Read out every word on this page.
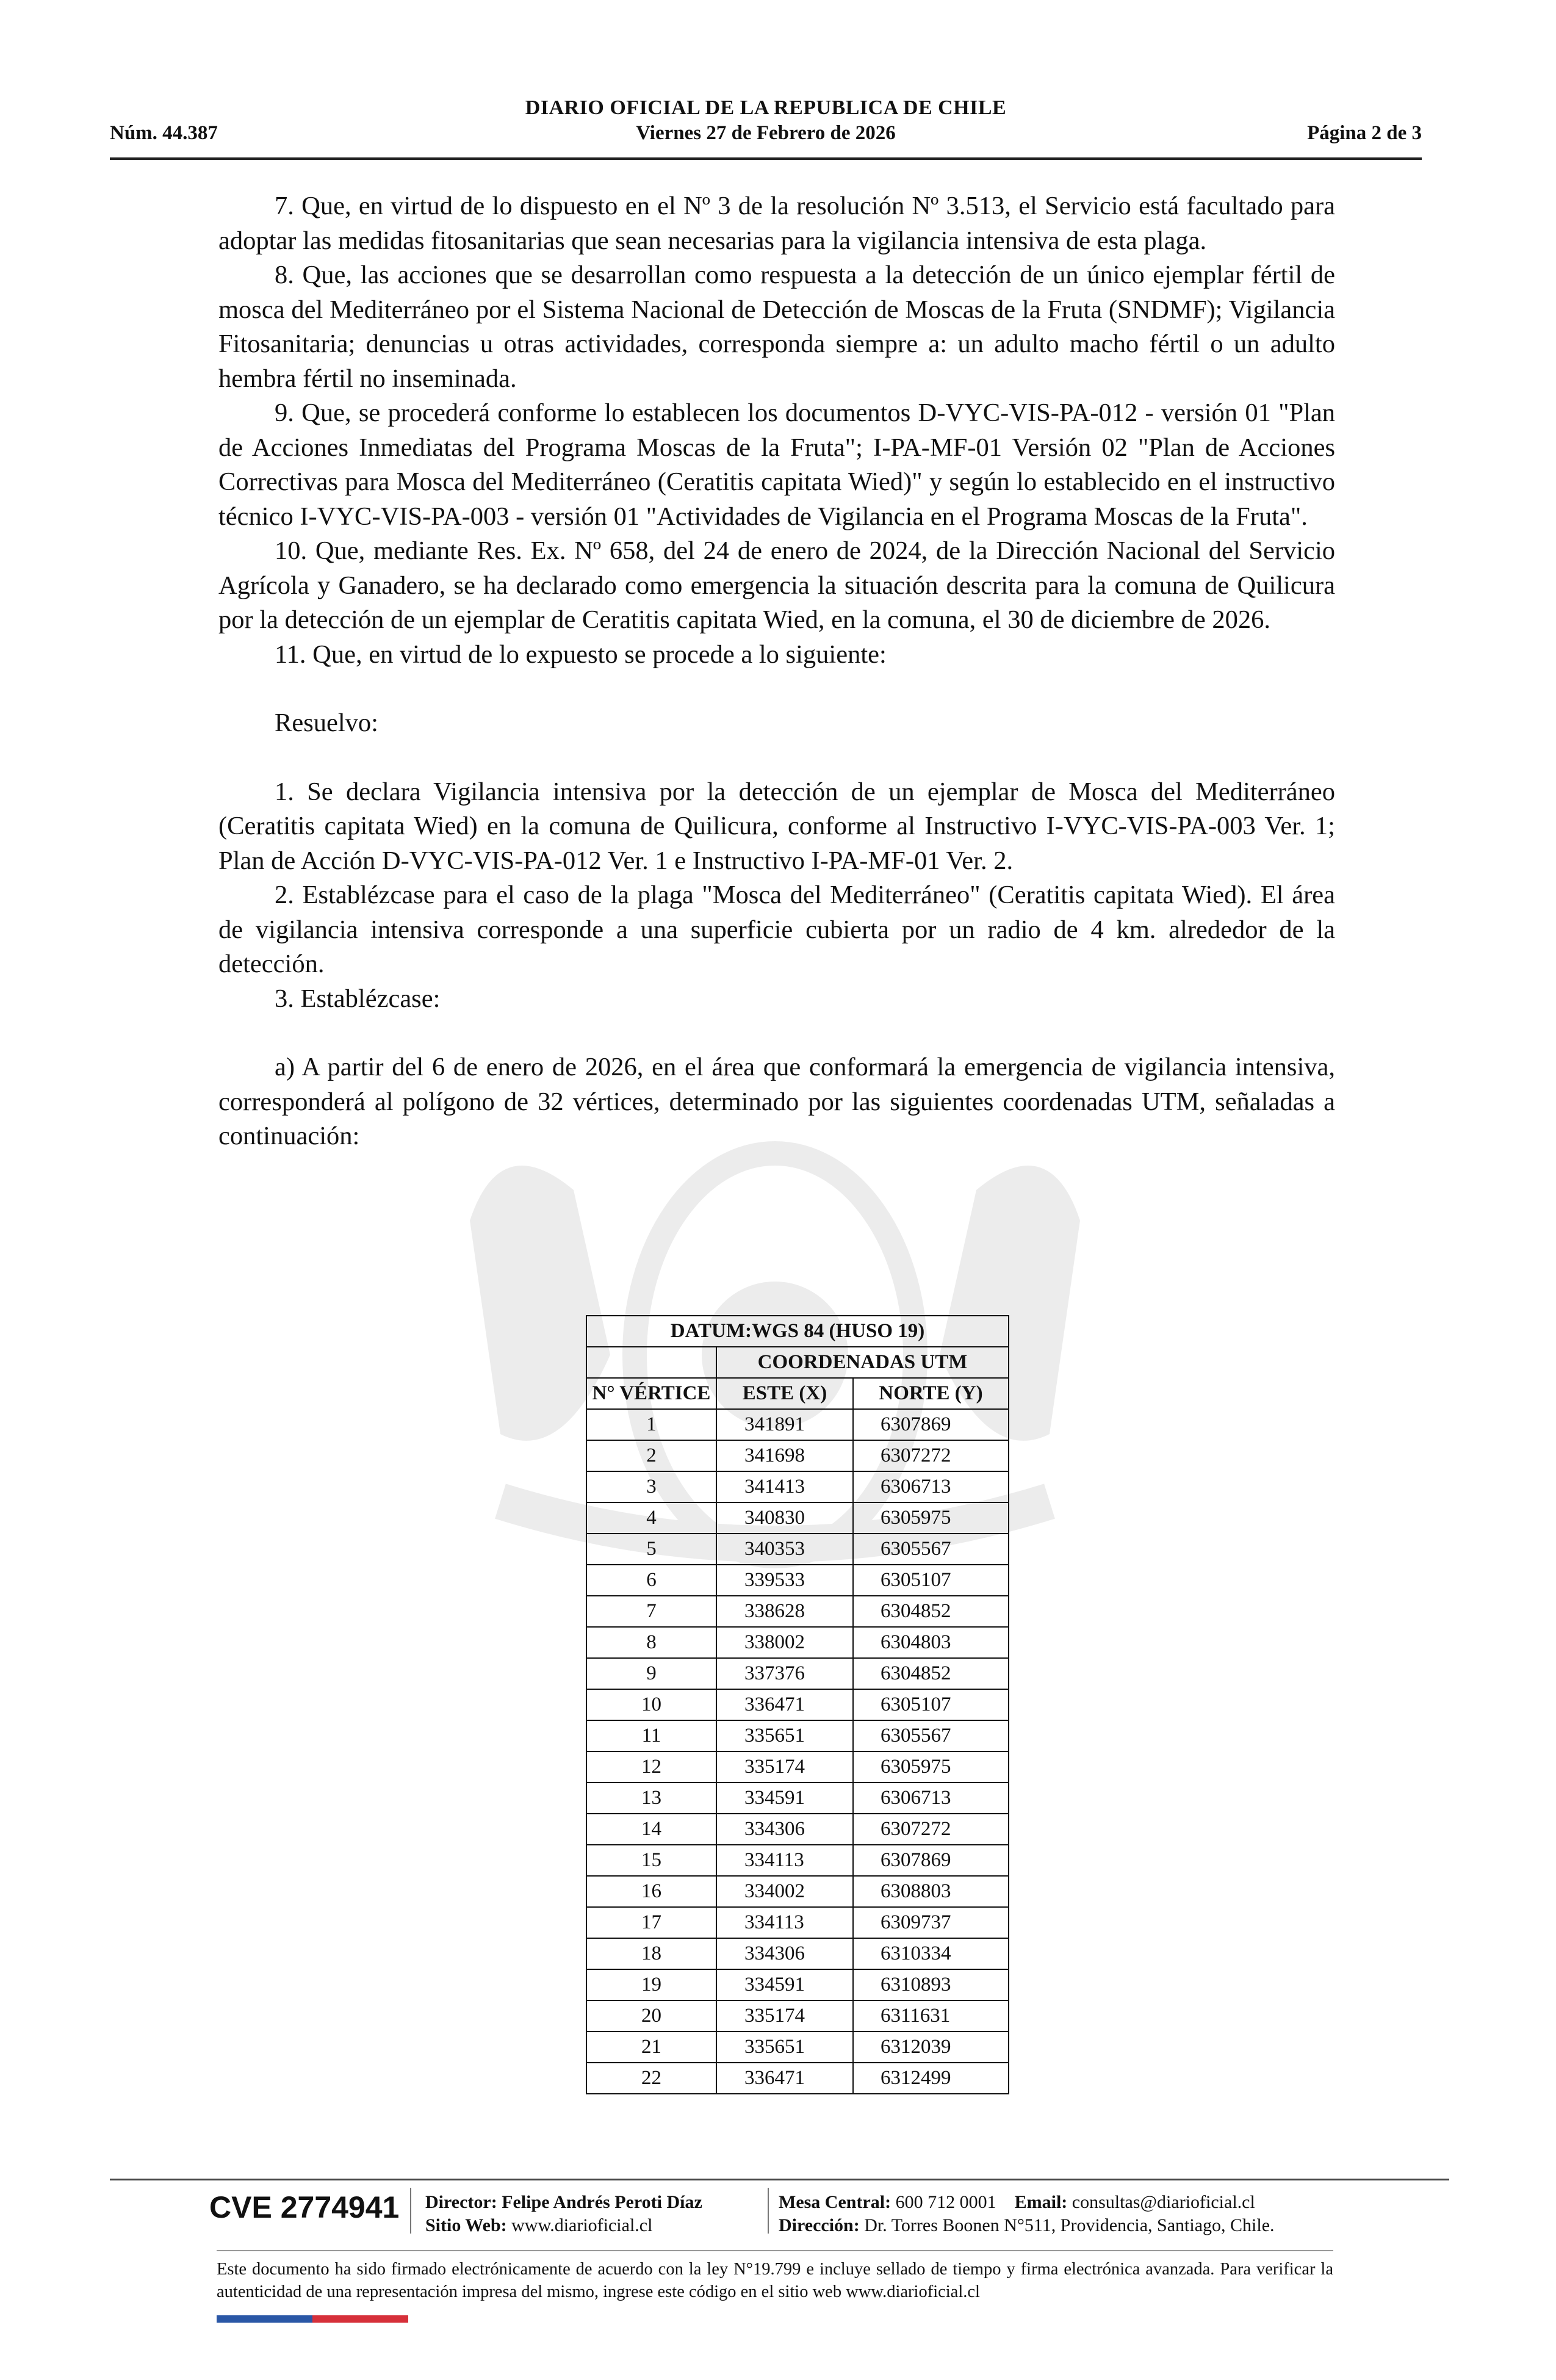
DIARIO OFICIAL DE LA REPUBLICA DE CHILE
Núm. 44.387	Viernes 27 de Febrero de 2026	Página 2 de 3

7. Que, en virtud de lo dispuesto en el Nº 3 de la resolución Nº 3.513, el Servicio está facultado para adoptar las medidas fitosanitarias que sean necesarias para la vigilancia intensiva de esta plaga.

8. Que, las acciones que se desarrollan como respuesta a la detección de un único ejemplar fértil de mosca del Mediterráneo por el Sistema Nacional de Detección de Moscas de la Fruta (SNDMF); Vigilancia Fitosanitaria; denuncias u otras actividades, corresponda siempre a: un adulto macho fértil o un adulto hembra fértil no inseminada.

9. Que, se procederá conforme lo establecen los documentos D-VYC-VIS-PA-012 - versión 01 "Plan de Acciones Inmediatas del Programa Moscas de la Fruta"; I-PA-MF-01 Versión 02 "Plan de Acciones Correctivas para Mosca del Mediterráneo (Ceratitis capitata Wied)" y según lo establecido en el instructivo técnico I-VYC-VIS-PA-003 - versión 01 "Actividades de Vigilancia en el Programa Moscas de la Fruta".

10. Que, mediante Res. Ex. Nº 658, del 24 de enero de 2024, de la Dirección Nacional del Servicio Agrícola y Ganadero, se ha declarado como emergencia la situación descrita para la comuna de Quilicura por la detección de un ejemplar de Ceratitis capitata Wied, en la comuna, el 30 de diciembre de 2026.

11. Que, en virtud de lo expuesto se procede a lo siguiente:

Resuelvo:

1. Se declara Vigilancia intensiva por la detección de un ejemplar de Mosca del Mediterráneo (Ceratitis capitata Wied) en la comuna de Quilicura, conforme al Instructivo I-VYC-VIS-PA-003 Ver. 1; Plan de Acción D-VYC-VIS-PA-012 Ver. 1 e Instructivo I-PA-MF-01 Ver. 2.

2. Establézcase para el caso de la plaga "Mosca del Mediterráneo" (Ceratitis capitata Wied). El área de vigilancia intensiva corresponde a una superficie cubierta por un radio de 4 km. alrededor de la detección.

3. Establézcase:

a) A partir del 6 de enero de 2026, en el área que conformará la emergencia de vigilancia intensiva, corresponderá al polígono de 32 vértices, determinado por las siguientes coordenadas UTM, señaladas a continuación:

DATUM:WGS 84 (HUSO 19)		
	COORDENADAS UTM	
N° VÉRTICE	ESTE (X)	NORTE (Y)
1	341891	6307869
2	341698	6307272
3	341413	6306713
4	340830	6305975
5	340353	6305567
6	339533	6305107
7	338628	6304852
8	338002	6304803
9	337376	6304852
10	336471	6305107
11	335651	6305567
12	335174	6305975
13	334591	6306713
14	334306	6307272
15	334113	6307869
16	334002	6308803
17	334113	6309737
18	334306	6310334
19	334591	6310893
20	335174	6311631
21	335651	6312039
22	336471	6312499
CVE 2774941 Director: Felipe Andrés Peroti Díaz
Sitio Web: www.diarioficial.cl
Mesa Central: 600 712 0001 Email: consultas@diarioficial.cl
Dirección: Dr. Torres Boonen N°511, Providencia, Santiago, Chile.
Este documento ha sido firmado electrónicamente de acuerdo con la ley N°19.799 e incluye sellado de tiempo y firma electrónica avanzada. Para verificar la autenticidad de una representación impresa del mismo, ingrese este código en el sitio web www.diarioficial.cl
